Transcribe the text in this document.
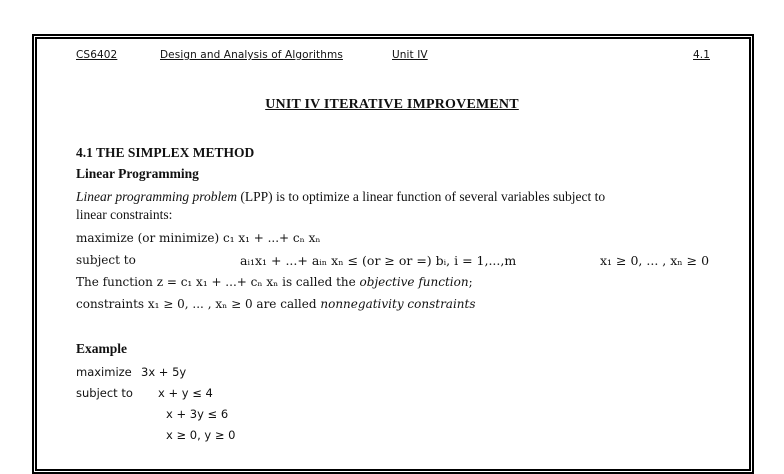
CS6402	Design and Analysis of Algorithms	Unit IV	4.1
UNIT IV ITERATIVE IMPROVEMENT
4.1 THE SIMPLEX METHOD
Linear Programming
Linear programming problem (LPP) is to optimize a linear function of several variables subject to
linear constraints:
maximize (or minimize) c₁ x₁ + ...+ cₙ xₙ
subject to	aᵢ₁x₁ + ...+ aᵢₙ xₙ ≤ (or ≥ or =) bᵢ, i = 1,...,m	x₁ ≥ 0, ... , xₙ ≥ 0
The function z = c₁ x₁ + ...+ cₙ xₙ is called the objective function;
constraints x₁ ≥ 0, ... , xₙ ≥ 0 are called nonnegativity constraints
Example
maximize 3x + 5y
subject to x + y ≤ 4
x + 3y ≤ 6
x ≥ 0, y ≥ 0
